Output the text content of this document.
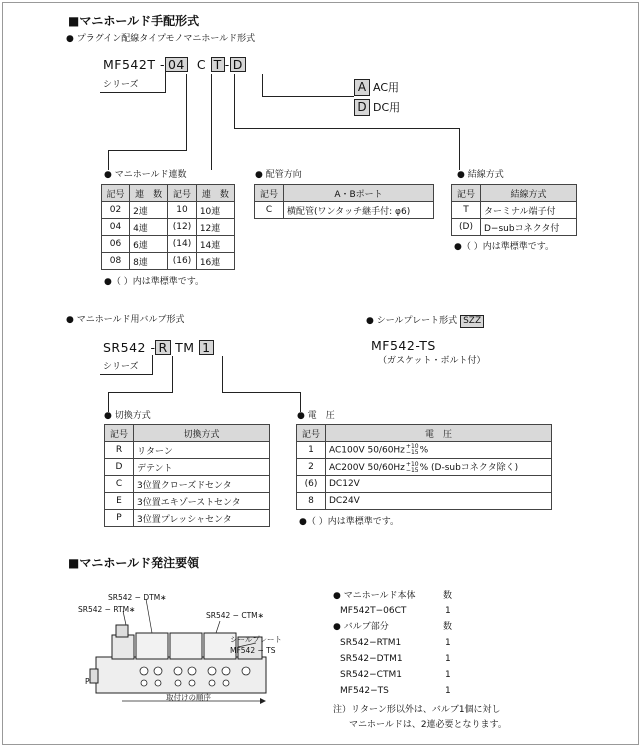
■マニホールド手配形式
● プラグイン配線タイプモノマニホールド形式
MF542T - 04 C T - D
シリーズ	A AC用
D DC用
● マニホールド連数
記号	連　数	記号	連　数
02	2連	10	10連
04	4連	(12)	12連
06	6連	(14)	14連
08	8連	(16)	16連
●（ ）内は準標準です。
● 配管方向
記号	A・Bポート
C	横配管(ワンタッチ継手付: φ6)
● 結線方式
記号	結線方式
T	ターミナル端子付
(D)	D−subコネクタ付
●（ ）内は準標準です。
● マニホールド用バルブ形式
SR542 - R TM 1
シリーズ
● シールプレート形式 SZZ
MF542-TS
（ガスケット・ボルト付）
● 切換方式
記号	切換方式
R	リターン
D	デテント
C	3位置クローズドセンタ
E	3位置エキゾーストセンタ
P	3位置プレッシャセンタ
● 電　圧
記号	電　圧
1	AC100V 50/60Hz+10
−15%
2	AC200V 50/60Hz+10
−15% (D-subコネクタ除く)
(6)	DC12V
8	DC24V
●（ ）内は準標準です。
■マニホールド発注要領
SR542 − DTM∗
SR542 − RTM∗
SR542 − CTM∗
シールプレート
MF542 − TS
P
取付けの順序
● マニホールド本体	数
MF542T−06CT	1
● バルブ部分	数
SR542−RTM1	1
SR542−DTM1	1
SR542−CTM1	1
MF542−TS	1
注）リターン形以外は、バルブ1個に対し
マニホールドは、2連必要となります。
